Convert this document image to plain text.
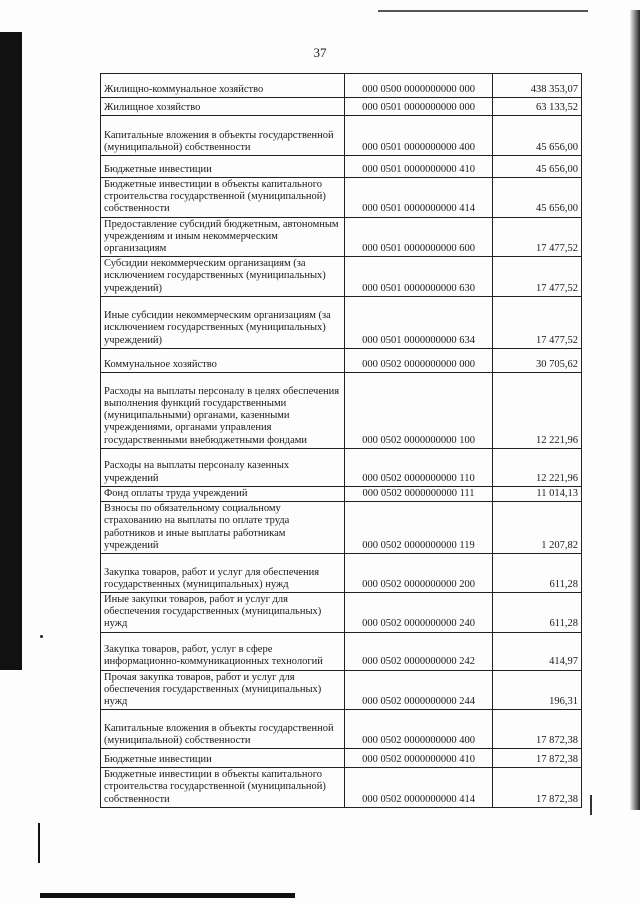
37
Жилищно-коммунальное хозяйство	000 0500 0000000000 000	438 353,07
Жилищное хозяйство	000 0501 0000000000 000	63 133,52
Капитальные вложения в объекты государственной (муниципальной) собственности	000 0501 0000000000 400	45 656,00
Бюджетные инвестиции	000 0501 0000000000 410	45 656,00
Бюджетные инвестиции в объекты капитального строительства государственной (муниципальной) собственности	000 0501 0000000000 414	45 656,00
Предоставление субсидий бюджетным, автономным учреждениям и иным некоммерческим организациям	000 0501 0000000000 600	17 477,52
Субсидии некоммерческим организациям (за исключением государственных (муниципальных) учреждений)	000 0501 0000000000 630	17 477,52
Иные субсидии некоммерческим организациям (за исключением государственных (муниципальных) учреждений)	000 0501 0000000000 634	17 477,52
Коммунальное хозяйство	000 0502 0000000000 000	30 705,62
Расходы на выплаты персоналу в целях обеспечения выполнения функций государственными (муниципальными) органами, казенными учреждениями, органами управления государственными внебюджетными фондами	000 0502 0000000000 100	12 221,96
Расходы на выплаты персоналу казенных учреждений	000 0502 0000000000 110	12 221,96
Фонд оплаты труда учреждений	000 0502 0000000000 111	11 014,13
Взносы по обязательному социальному страхованию на выплаты по оплате труда работников и иные выплаты работникам учреждений	000 0502 0000000000 119	1 207,82
Закупка товаров, работ и услуг для обеспечения государственных (муниципальных) нужд	000 0502 0000000000 200	611,28
Иные закупки товаров, работ и услуг для обеспечения государственных (муниципальных) нужд	000 0502 0000000000 240	611,28
Закупка товаров, работ, услуг в сфере информационно-коммуникационных технологий	000 0502 0000000000 242	414,97
Прочая закупка товаров, работ и услуг для обеспечения государственных (муниципальных) нужд	000 0502 0000000000 244	196,31
Капитальные вложения в объекты государственной (муниципальной) собственности	000 0502 0000000000 400	17 872,38
Бюджетные инвестиции	000 0502 0000000000 410	17 872,38
Бюджетные инвестиции в объекты капитального строительства государственной (муниципальной) собственности	000 0502 0000000000 414	17 872,38
